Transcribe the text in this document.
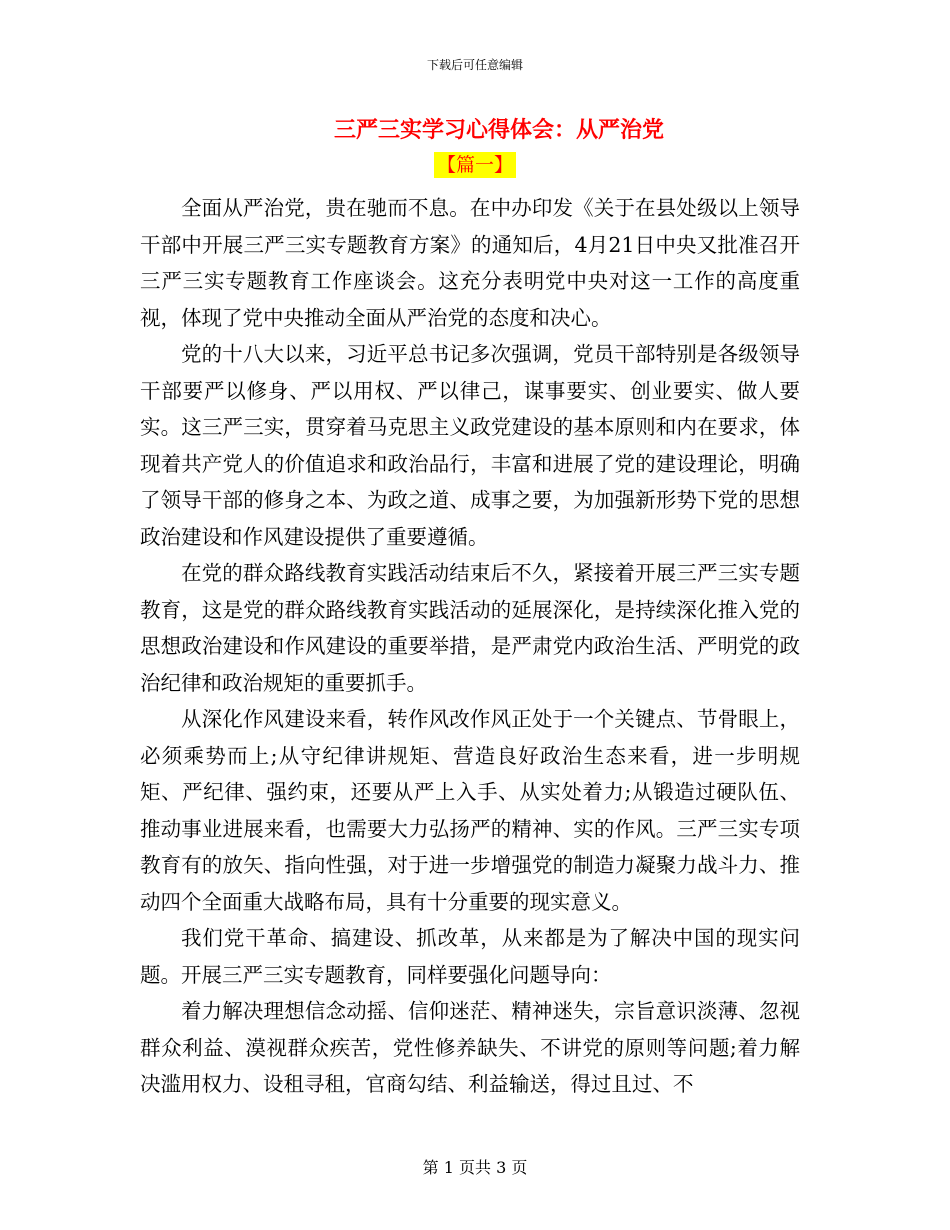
下载后可任意编辑
三严三实学习心得体会：从严治党
【篇一】

全面从严治党，贵在驰而不息。在中办印发《关于在县处级以上领导干部中开展三严三实专题教育方案》的通知后，4月21日中央又批准召开三严三实专题教育工作座谈会。这充分表明党中央对这一工作的高度重视，体现了党中央推动全面从严治党的态度和决心。

党的十八大以来，习近平总书记多次强调，党员干部特别是各级领导干部要严以修身、严以用权、严以律己，谋事要实、创业要实、做人要实。这三严三实，贯穿着马克思主义政党建设的基本原则和内在要求，体现着共产党人的价值追求和政治品行，丰富和进展了党的建设理论，明确了领导干部的修身之本、为政之道、成事之要，为加强新形势下党的思想政治建设和作风建设提供了重要遵循。

在党的群众路线教育实践活动结束后不久，紧接着开展三严三实专题教育，这是党的群众路线教育实践活动的延展深化，是持续深化推入党的思想政治建设和作风建设的重要举措，是严肃党内政治生活、严明党的政治纪律和政治规矩的重要抓手。

从深化作风建设来看，转作风改作风正处于一个关键点、节骨眼上，必须乘势而上;从守纪律讲规矩、营造良好政治生态来看，进一步明规矩、严纪律、强约束，还要从严上入手、从实处着力;从锻造过硬队伍、推动事业进展来看，也需要大力弘扬严的精神、实的作风。三严三实专项教育有的放矢、指向性强，对于进一步增强党的制造力凝聚力战斗力、推动四个全面重大战略布局，具有十分重要的现实意义。

我们党干革命、搞建设、抓改革，从来都是为了解决中国的现实问题。开展三严三实专题教育，同样要强化问题导向：

着力解决理想信念动摇、信仰迷茫、精神迷失，宗旨意识淡薄、忽视群众利益、漠视群众疾苦，党性修养缺失、不讲党的原则等问题;着力解决滥用权力、设租寻租，官商勾结、利益输送，得过且过、不

第 1 页共 3 页
